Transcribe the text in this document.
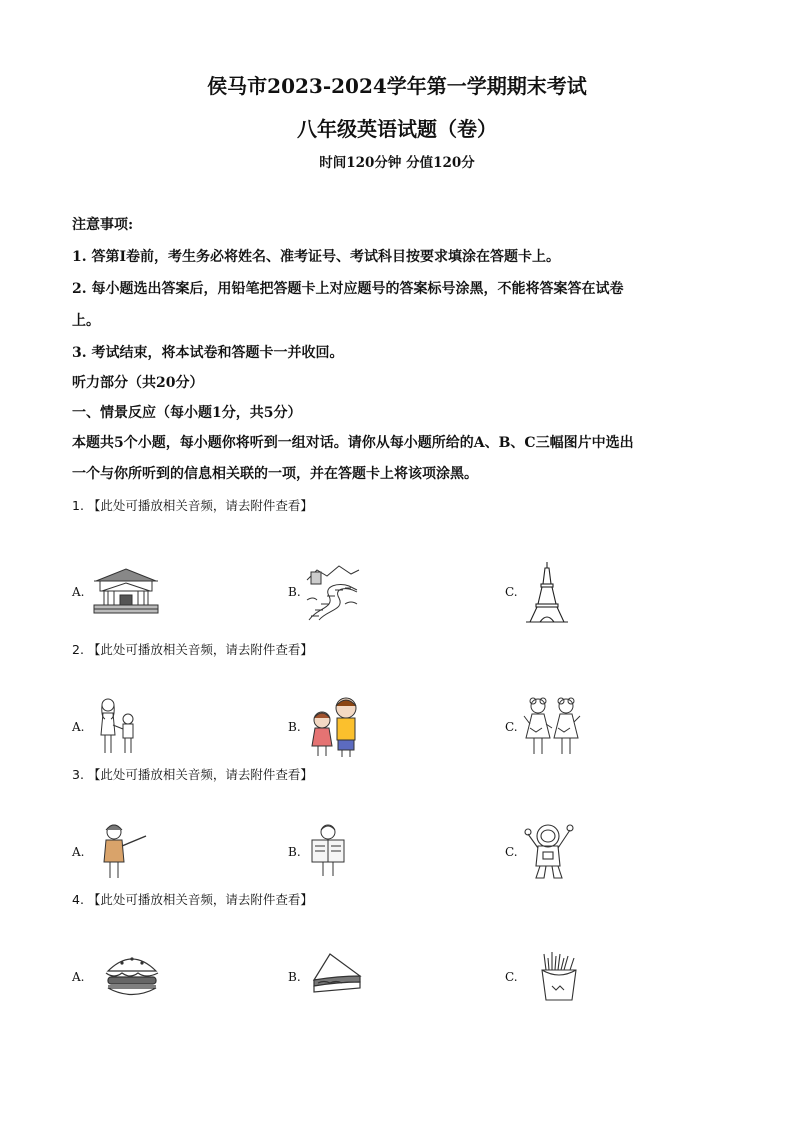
侯马市2023-2024学年第一学期期末考试
八年级英语试题（卷）
时间120分钟 分值120分
注意事项:
1. 答第Ⅰ卷前，考生务必将姓名、准考证号、考试科目按要求填涂在答题卡上。
2. 每小题选出答案后，用铅笔把答题卡上对应题号的答案标号涂黑，不能将答案答在试卷
上。
3. 考试结束，将本试卷和答题卡一并收回。
听力部分（共20分）
一、情景反应（每小题1分，共5分）
本题共5个小题，每小题你将听到一组对话。请你从每小题所给的A、B、C三幅图片中选出
一个与你所听到的信息相关联的一项，并在答题卡上将该项涂黑。
1. 【此处可播放相关音频，请去附件查看】
A.	B.	C.
2. 【此处可播放相关音频，请去附件查看】
A.	B.	C.
3. 【此处可播放相关音频，请去附件查看】
A.	B.	C.
4. 【此处可播放相关音频，请去附件查看】
A.	B.	C.
